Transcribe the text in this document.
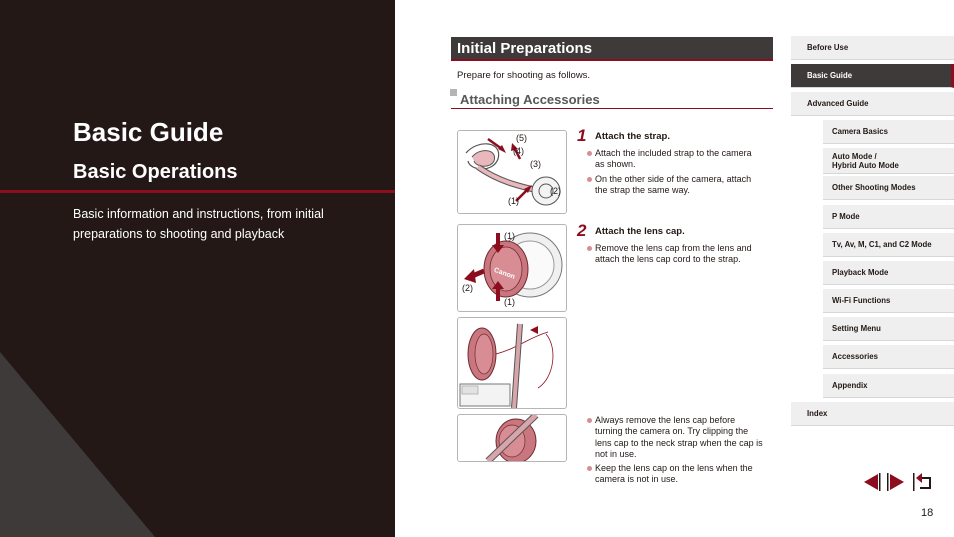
Basic Guide
Basic Operations
Basic information and instructions, from initial preparations to shooting and playback
Initial Preparations
Prepare for shooting as follows.
Attaching Accessories
(5)
(4)
(3)
(2)
(1)
Canon
(1)
(2)
(1)
1 Attach the strap.
Attach the included strap to the camera as shown.
On the other side of the camera, attach the strap the same way.
2 Attach the lens cap.
Remove the lens cap from the lens and attach the lens cap cord to the strap.
Always remove the lens cap before turning the camera on. Try clipping the lens cap to the neck strap when the cap is not in use.
Keep the lens cap on the lens when the camera is not in use.
Before Use
Basic Guide
Advanced Guide
Camera Basics
Auto Mode /
Hybrid Auto Mode
Other Shooting Modes
P Mode
Tv, Av, M, C1, and C2 Mode
Playback Mode
Wi-Fi Functions
Setting Menu
Accessories
Appendix
Index
18
